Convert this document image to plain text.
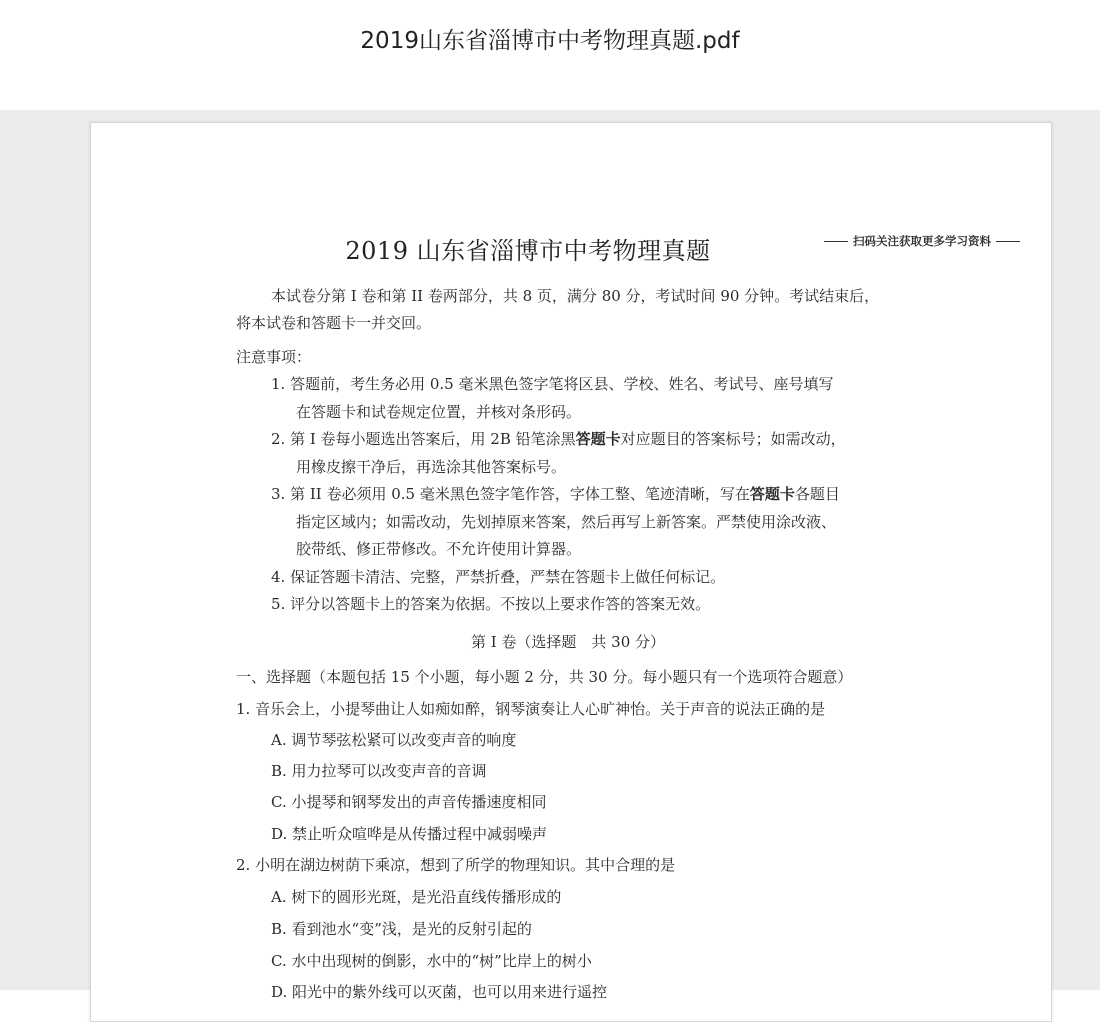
2019山东省淄博市中考物理真题.pdf
扫码关注获取更多学习资料
2019 山东省淄博市中考物理真题
本试卷分第 I 卷和第 II 卷两部分，共 8 页，满分 80 分，考试时间 90 分钟。考试结束后，
将本试卷和答题卡一并交回。
注意事项：
1. 答题前，考生务必用 0.5 毫米黑色签字笔将区县、学校、姓名、考试号、座号填写
在答题卡和试卷规定位置，并核对条形码。
2. 第 I 卷每小题选出答案后，用 2B 铅笔涂黑答题卡对应题目的答案标号；如需改动，
用橡皮擦干净后，再选涂其他答案标号。
3. 第 II 卷必须用 0.5 毫米黑色签字笔作答，字体工整、笔迹清晰，写在答题卡各题目
指定区域内；如需改动，先划掉原来答案，然后再写上新答案。严禁使用涂改液、
胶带纸、修正带修改。不允许使用计算器。
4. 保证答题卡清洁、完整，严禁折叠，严禁在答题卡上做任何标记。
5. 评分以答题卡上的答案为依据。不按以上要求作答的答案无效。
第 I 卷（选择题　共 30 分）
一、选择题（本题包括 15 个小题，每小题 2 分，共 30 分。每小题只有一个选项符合题意）
1. 音乐会上，小提琴曲让人如痴如醉，钢琴演奏让人心旷神怡。关于声音的说法正确的是
A. 调节琴弦松紧可以改变声音的响度
B. 用力拉琴可以改变声音的音调
C. 小提琴和钢琴发出的声音传播速度相同
D. 禁止听众喧哗是从传播过程中减弱噪声
2. 小明在湖边树荫下乘凉，想到了所学的物理知识。其中合理的是
A. 树下的圆形光斑，是光沿直线传播形成的
B. 看到池水“变”浅，是光的反射引起的
C. 水中出现树的倒影，水中的“树”比岸上的树小
D. 阳光中的紫外线可以灭菌，也可以用来进行遥控
